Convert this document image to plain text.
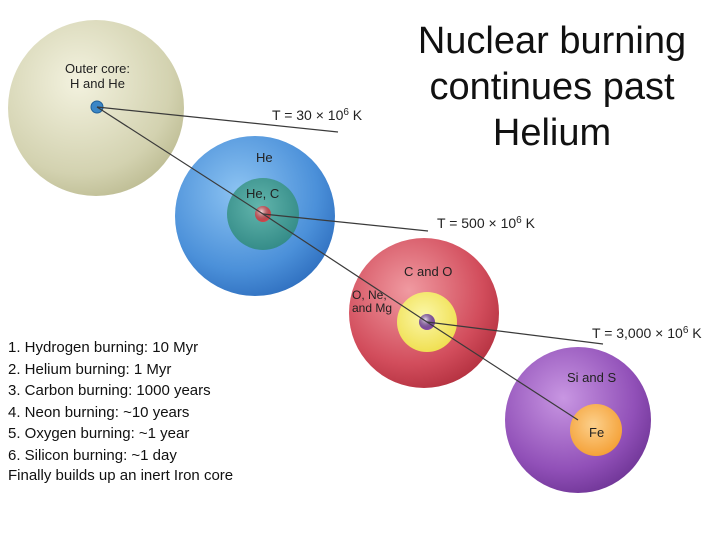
Outer core:
H and He
He
He, C
C and O
O, Ne, and Mg
Si and S
Fe
$T = 30 \times 10^6$ K
$T = 500 \times 10^6$ K
$T = 3,000 \times 10^6$ K
Nuclear burning continues past Helium
1. Hydrogen burning: 10 Myr
2. Helium burning: 1 Myr
3. Carbon burning: 1000 years
4. Neon burning: ~10 years
5. Oxygen burning: ~1 year
6. Silicon burning: ~1 day
Finally builds up an inert Iron core
